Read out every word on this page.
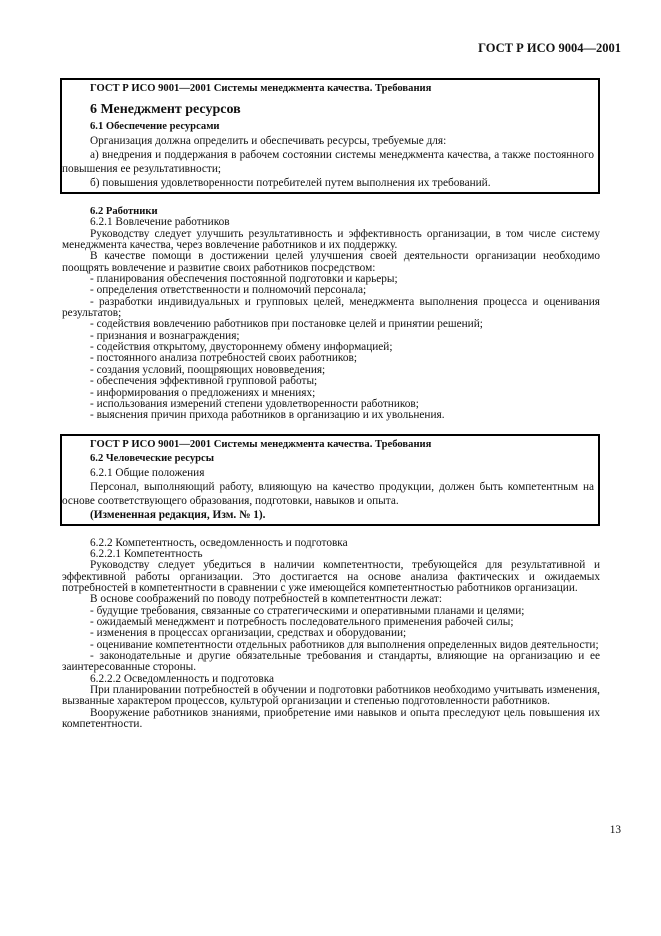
ГОСТ Р ИСО 9004—2001
ГОСТ Р ИСО 9001—2001 Системы менеджмента качества. Требования
6 Менеджмент ресурсов
6.1 Обеспечение ресурсами

Организация должна определить и обеспечивать ресурсы, требуемые для:

а) внедрения и поддержания в рабочем состоянии системы менеджмента качества, а также постоянного повышения ее результативности;

б) повышения удовлетворенности потребителей путем выполнения их требований.

6.2 Работники

6.2.1 Вовлечение работников

Руководству следует улучшить результативность и эффективность организации, в том числе систему менеджмента качества, через вовлечение работников и их поддержку.

В качестве помощи в достижении целей улучшения своей деятельности организации необходимо поощрять вовлечение и развитие своих работников посредством:

- планирования обеспечения постоянной подготовки и карьеры;

- определения ответственности и полномочий персонала;

- разработки индивидуальных и групповых целей, менеджмента выполнения процесса и оценивания результатов;

- содействия вовлечению работников при постановке целей и принятии решений;

- признания и вознаграждения;

- содействия открытому, двустороннему обмену информацией;

- постоянного анализа потребностей своих работников;

- создания условий, поощряющих нововведения;

- обеспечения эффективной групповой работы;

- информирования о предложениях и мнениях;

- использования измерений степени удовлетворенности работников;

- выяснения причин прихода работников в организацию и их увольнения.

ГОСТ Р ИСО 9001—2001 Системы менеджмента качества. Требования
6.2 Человеческие ресурсы

6.2.1 Общие положения

Персонал, выполняющий работу, влияющую на качество продукции, должен быть компетентным на основе соответствующего образования, подготовки, навыков и опыта.

(Измененная редакция, Изм. № 1).

6.2.2 Компетентность, осведомленность и подготовка

6.2.2.1 Компетентность

Руководству следует убедиться в наличии компетентности, требующейся для результативной и эффективной работы организации. Это достигается на основе анализа фактических и ожидаемых потребностей в компетентности в сравнении с уже имеющейся компетентностью работников организации.

В основе соображений по поводу потребностей в компетентности лежат:

- будущие требования, связанные со стратегическими и оперативными планами и целями;

- ожидаемый менеджмент и потребность последовательного применения рабочей силы;

- изменения в процессах организации, средствах и оборудовании;

- оценивание компетентности отдельных работников для выполнения определенных видов деятельности;

- законодательные и другие обязательные требования и стандарты, влияющие на организацию и ее заинтересованные стороны.

6.2.2.2 Осведомленность и подготовка

При планировании потребностей в обучении и подготовки работников необходимо учитывать изменения, вызванные характером процессов, культурой организации и степенью подготовленности работников.

Вооружение работников знаниями, приобретение ими навыков и опыта преследуют цель повышения их компетентности.

13
